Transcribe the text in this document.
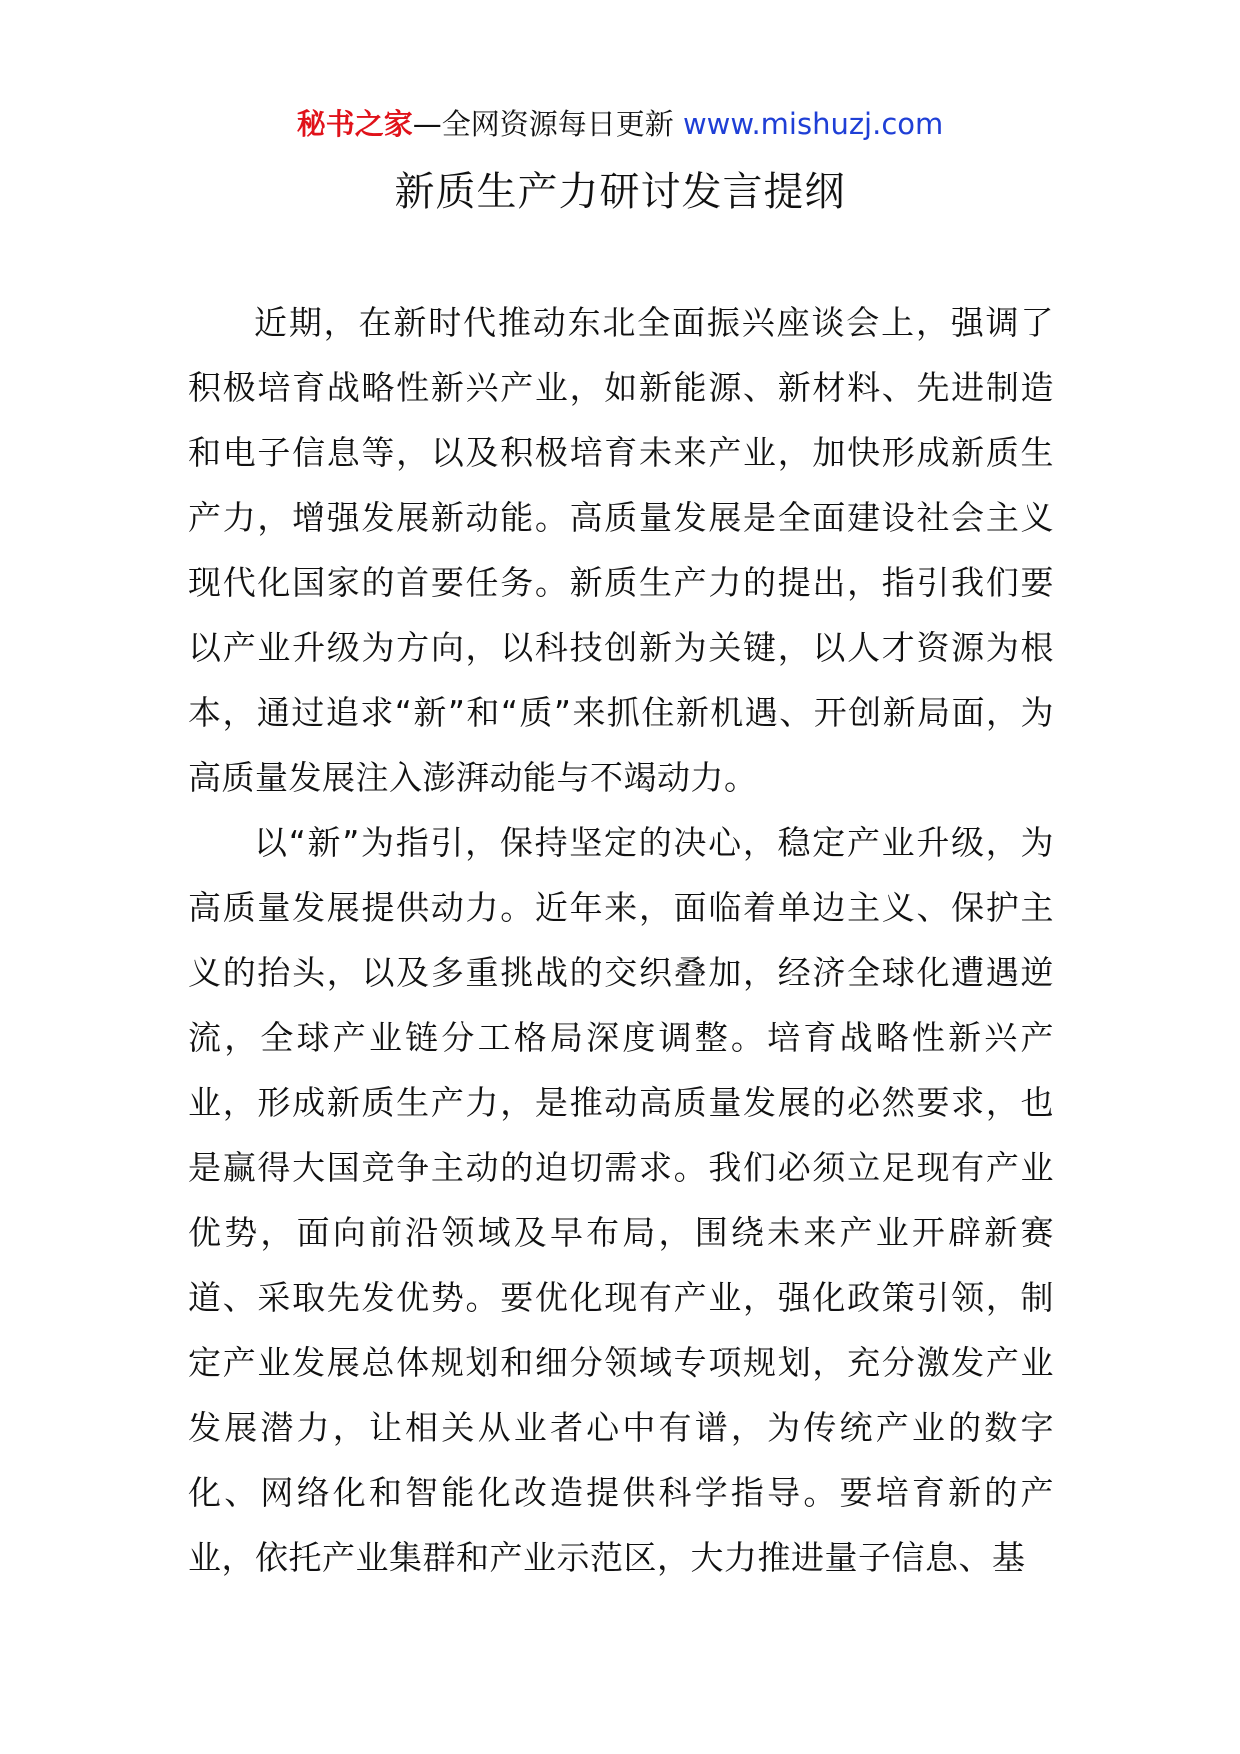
秘书之家—全网资源每日更新 www.mishuzj.com
新质生产力研讨发言提纲

近期，在新时代推动东北全面振兴座谈会上，强调了积极培育战略性新兴产业，如新能源、新材料、先进制造和电子信息等，以及积极培育未来产业，加快形成新质生产力，增强发展新动能。高质量发展是全面建设社会主义现代化国家的首要任务。新质生产力的提出，指引我们要以产业升级为方向，以科技创新为关键，以人才资源为根本，通过追求“新”和“质”来抓住新机遇、开创新局面，为高质量发展注入澎湃动能与不竭动力。

以“新”为指引，保持坚定的决心，稳定产业升级，为高质量发展提供动力。近年来，面临着单边主义、保护主义的抬头，以及多重挑战的交织叠加，经济全球化遭遇逆流，全球产业链分工格局深度调整。培育战略性新兴产业，形成新质生产力，是推动高质量发展的必然要求，也是赢得大国竞争主动的迫切需求。我们必须立足现有产业优势，面向前沿领域及早布局，围绕未来产业开辟新赛道、采取先发优势。要优化现有产业，强化政策引领，制定产业发展总体规划和细分领域专项规划，充分激发产业发展潜力，让相关从业者心中有谱，为传统产业的数字化、网络化和智能化改造提供科学指导。要培育新的产业，依托产业集群和产业示范区，大力推进量子信息、基
